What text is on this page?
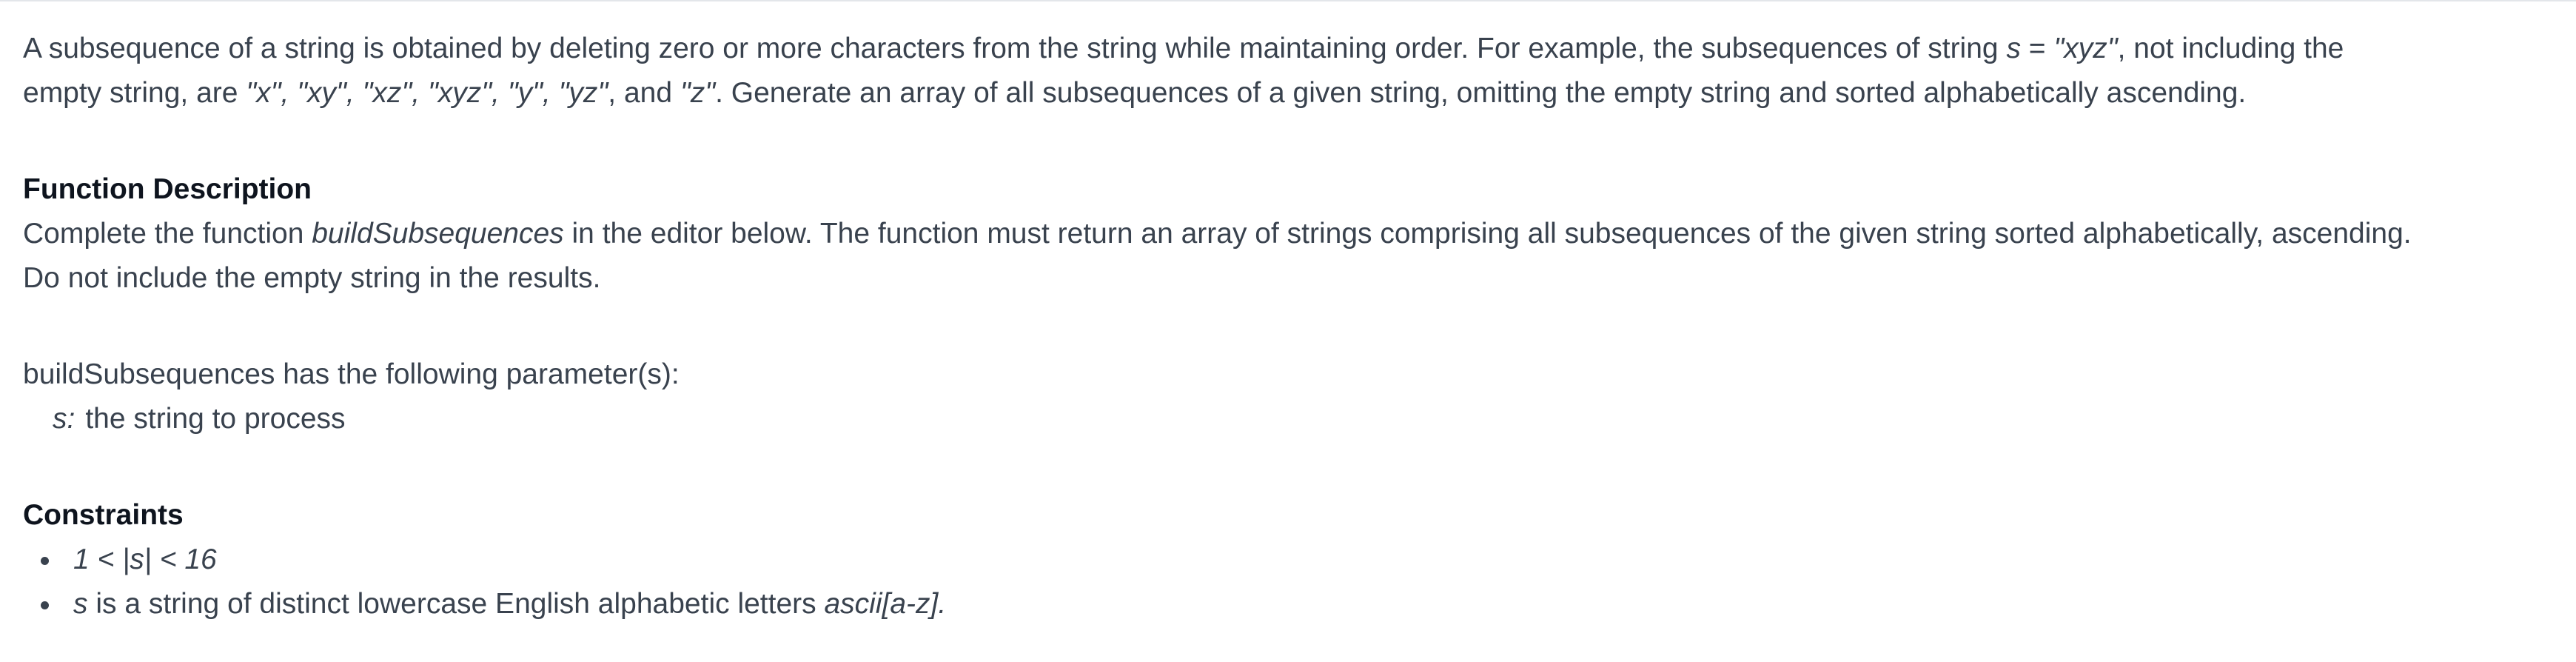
A subsequence of a string is obtained by deleting zero or more characters from the string while maintaining order. For example, the subsequences of string s = "xyz", not including the

empty string, are "x", "xy", "xz", "xyz", "y", "yz", and "z". Generate an array of all subsequences of a given string, omitting the empty string and sorted alphabetically ascending.

Function Description

Complete the function buildSubsequences in the editor below. The function must return an array of strings comprising all subsequences of the given string sorted alphabetically, ascending.

Do not include the empty string in the results.

buildSubsequences has the following parameter(s):

s: the string to process

Constraints

1 < |s| < 16
s is a string of distinct lowercase English alphabetic letters ascii[a-z].
